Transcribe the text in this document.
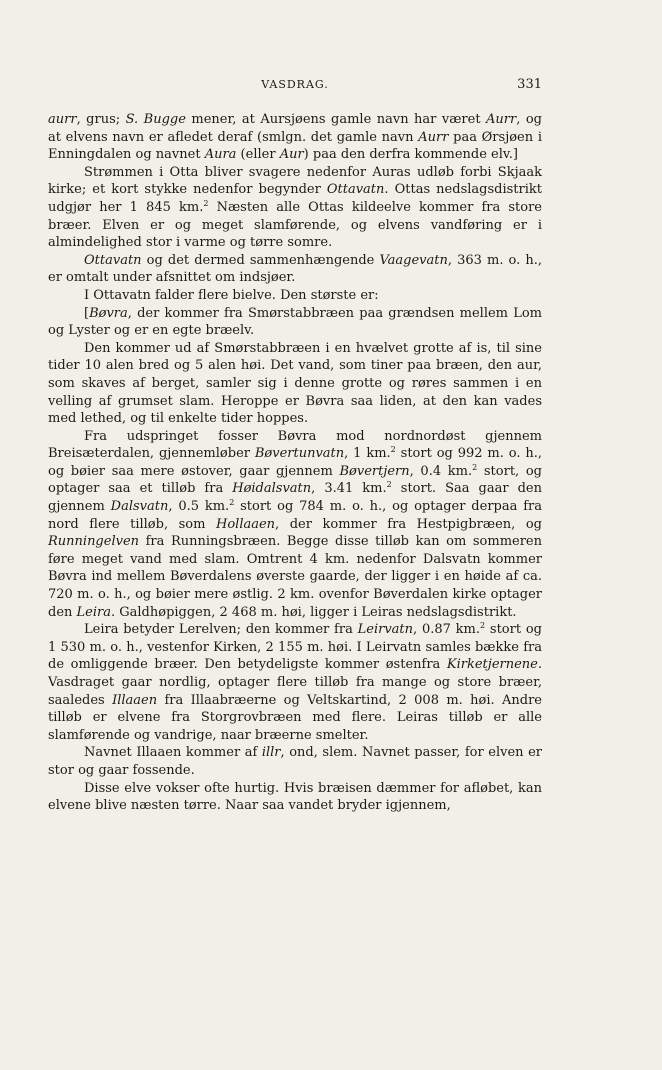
VASDRAG.	331

aurr, grus; S. Bugge mener, at Aursjøens gamle navn har været Aurr, og at elvens navn er afledet deraf (smlgn. det gamle navn Aurr paa Ørsjøen i Enningdalen og navnet Aura (eller Aur) paa den derfra kommende elv.]

Strømmen i Otta bliver svagere nedenfor Auras udløb forbi Skjaak kirke; et kort stykke nedenfor begynder Ottavatn. Ottas nedslagsdistrikt udgjør her 1 845 km.$^2$ Næsten alle Ottas kildeelve kommer fra store bræer. Elven er og meget slamførende, og elvens vandføring er i almindelighed stor i varme og tørre somre.

Ottavatn og det dermed sammenhængende Vaagevatn, 363 m. o. h., er omtalt under afsnittet om indsjøer.

I Ottavatn falder flere bielve. Den største er:

[Bøvra, der kommer fra Smørstabbræen paa grændsen mellem Lom og Lyster og er en egte bræelv.

Den kommer ud af Smørstabbræen i en hvælvet grotte af is, til sine tider 10 alen bred og 5 alen høi. Det vand, som tiner paa bræen, den aur, som skaves af berget, samler sig i denne grotte og røres sammen i en velling af grumset slam. Heroppe er Bøvra saa liden, at den kan vades med lethed, og til enkelte tider hoppes.

Fra udspringet fosser Bøvra mod nordnordøst gjennem Breisæterdalen, gjennemløber Bøvertunvatn, 1 km.$^2$ stort og 992 m. o. h., og bøier saa mere østover, gaar gjennem Bøvertjern, 0.4 km.$^2$ stort, og optager saa et tilløb fra Høidalsvatn, 3.41 km.$^2$ stort. Saa gaar den gjennem Dalsvatn, 0.5 km.$^2$ stort og 784 m. o. h., og optager derpaa fra nord flere tilløb, som Hollaaen, der kommer fra Hestpigbræen, og Runningelven fra Runningsbræen. Begge disse tilløb kan om sommeren føre meget vand med slam. Omtrent 4 km. nedenfor Dalsvatn kommer Bøvra ind mellem Bøverdalens øverste gaarde, der ligger i en høide af ca. 720 m. o. h., og bøier mere østlig. 2 km. ovenfor Bøverdalen kirke optager den Leira. Galdhøpiggen, 2 468 m. høi, ligger i Leiras nedslagsdistrikt.

Leira betyder Lerelven; den kommer fra Leirvatn, 0.87 km.$^2$ stort og 1 530 m. o. h., vestenfor Kirken, 2 155 m. høi. I Leirvatn samles bække fra de omliggende bræer. Den betydeligste kommer østenfra Kirketjernene. Vasdraget gaar nordlig, optager flere tilløb fra mange og store bræer, saaledes Illaaen fra Illaabræerne og Veltskartind, 2 008 m. høi. Andre tilløb er elvene fra Storgrovbræen med flere. Leiras tilløb er alle slamførende og vandrige, naar bræerne smelter.

Navnet Illaaen kommer af illr, ond, slem. Navnet passer, for elven er stor og gaar fossende.

Disse elve vokser ofte hurtig. Hvis bræisen dæmmer for afløbet, kan elvene blive næsten tørre. Naar saa vandet bryder igjennem,
